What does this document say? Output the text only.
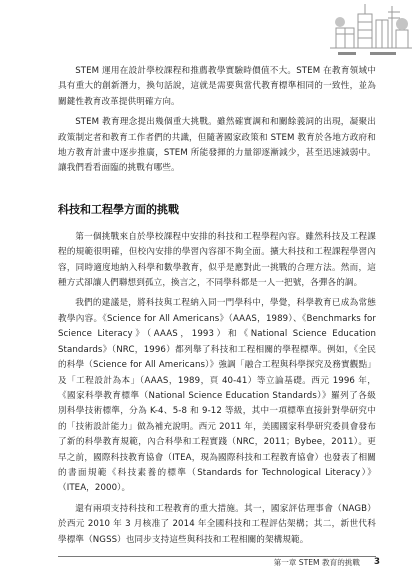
STEM 運用在設計學校課程和推薦教學實驗時價值不大。STEM 在教育領域中具有重大的創新潛力，換句話說，這就是需要與當代教育標準相同的一致性，並為關鍵性教育改革提供明確方向。

STEM 教育理念提出幾個重大挑戰。雖然確實調和和關餘義詞的出現，凝聚出政策制定者和教育工作者們的共識，但隨著國家政策和 STEM 教育於各地方政府和地方教育計畫中逐步推廣，STEM 所能發揮的力量卻逐漸減少，甚至迅速減弱中。讓我們看看面臨的挑戰有哪些。

科技和工程學方面的挑戰

第一個挑戰來自於學校課程中安排的科技和工程學程內容。雖然科技及工程課程的規範很明確，但校內安排的學習內容卻不夠全面。擴大科技和工程課程學習內容，同時適度地納入科學和數學教育，似乎是應對此一挑戰的合理方法。然而，這種方式卻讓人們聯想到孤立，換言之，不同學科都是一人一把號，各彈各的調。

我們的建議是，將科技與工程納入同一門學科中，學覺，科學教育已成為常態教學內容。《Science for All Americans》（AAAS，1989）、《Benchmarks for Science Literacy》（AAAS，1993）和《National Science Education Standards》（NRC，1996）都列舉了科技和工程相關的學程標準。例如，《全民的科學（Science for All Americans）》強調「融合工程與科學探究及務實觀點」及「工程設計為本」（AAAS，1989，頁 40-41）等立論基礎。西元 1996 年，《國家科學教育標準（National Science Education Standards）》羅列了各級別科學技術標準，分為 K-4、5-8 和 9-12 等級，其中一項標準直接針對學研究中的「技術設計能力」做為補充說明。西元 2011 年，美國國家科學研究委員會發布了新的科學教育規範，內合科學和工程實踐（NRC，2011；Bybee，2011）。更早之前，國際科技教育協會（ITEA，現為國際科技和工程教育協會）也發表了相關的書面規範《科技素養的標準（Standards for Technological Literacy）》（ITEA，2000）。

還有兩項支持科技和工程教育的重大措施。其一，國家評估理事會（NAGB）於西元 2010 年 3 月核准了 2014 年全國科技和工程評估架構；其二，新世代科學標準（NGSS）也同步支持這些與科技和工程相關的架構規範。

第一章 STEM 教育的挑戰 3
